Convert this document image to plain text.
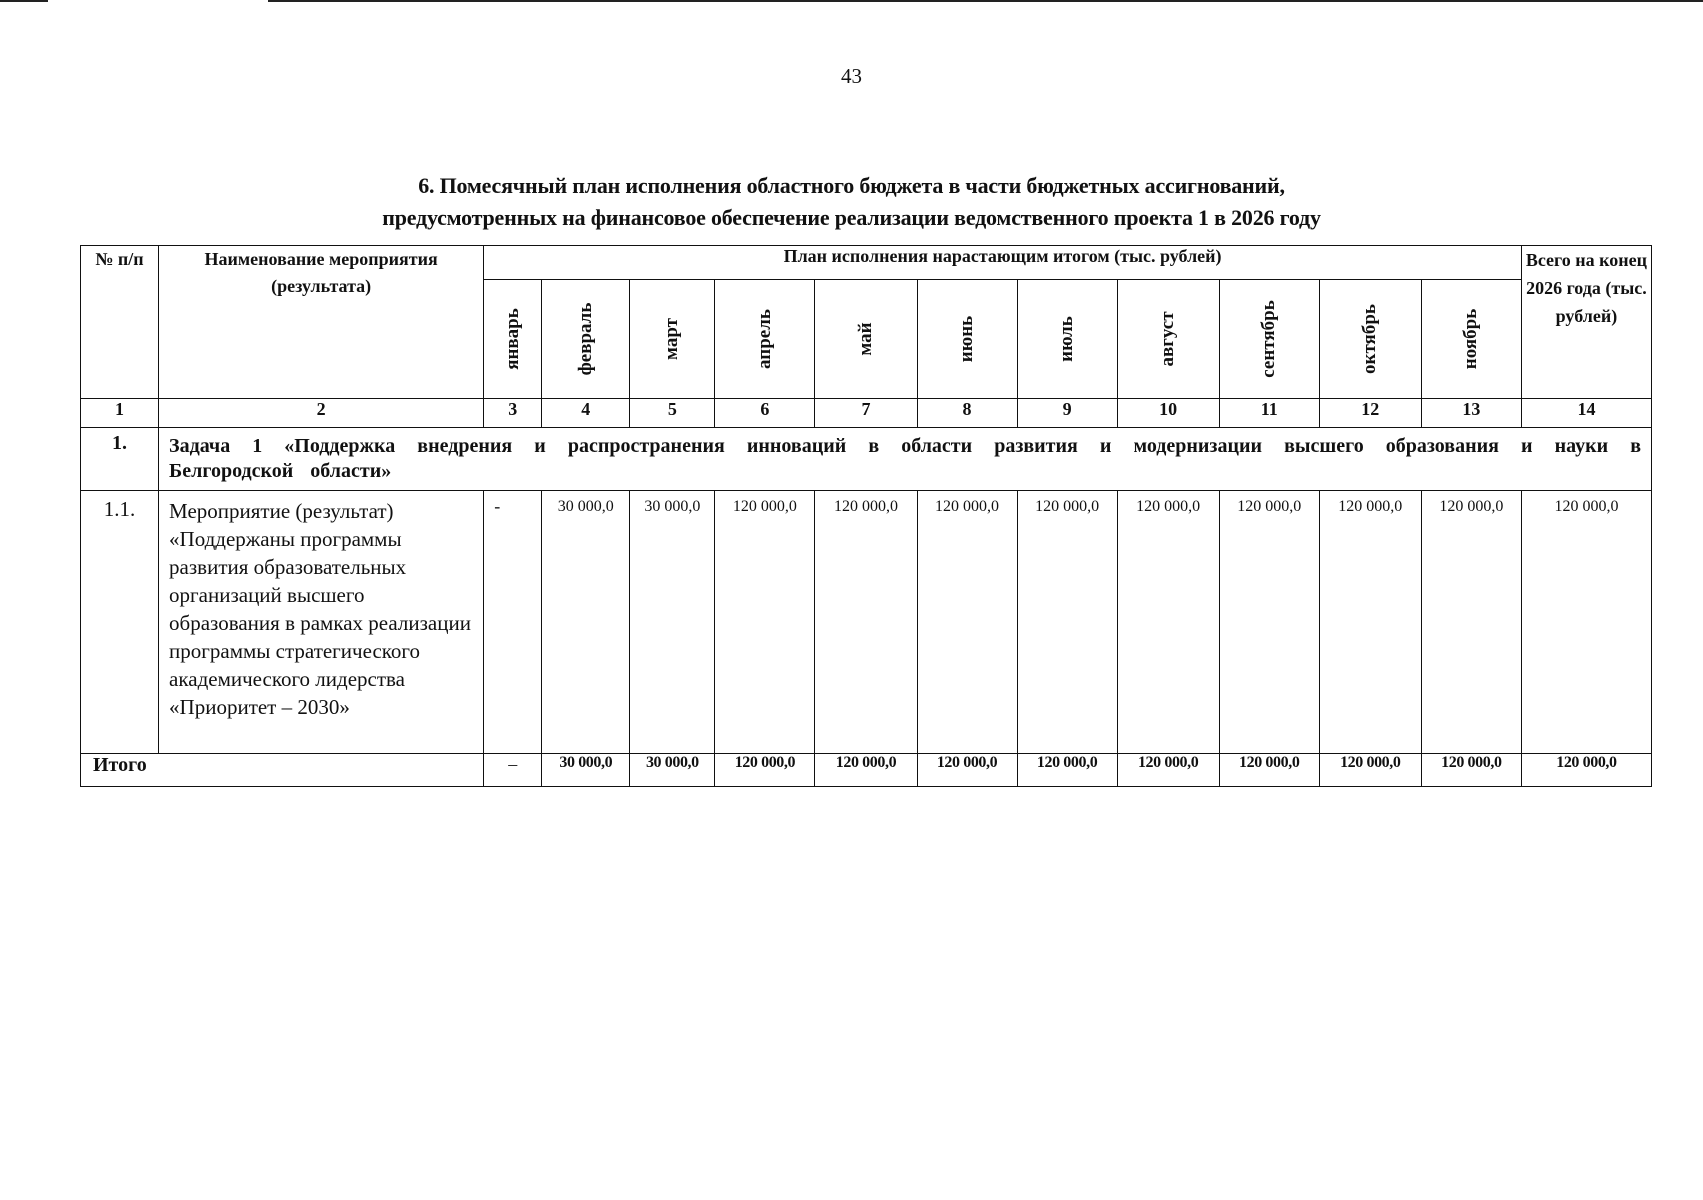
43
6. Помесячный план исполнения областного бюджета в части бюджетных ассигнований,
предусмотренных на финансовое обеспечение реализации ведомственного проекта 1 в 2026 году
№ п/п	Наименование мероприятия (результата)	План исполнения нарастающим итогом (тыс. рублей)											Всего на конец 2026 года (тыс. рублей)

		январь	февраль	март	апрель	май	июнь	июль	август	сентябрь	октябрь	ноябрь	

1	2	3	4	5	6	7	8	9	10	11	12	13	14
1.	Задача 1 «Поддержка внедрения и распространения инноваций в области развития и модернизации высшего образования и науки в Белгородской области»												
1.1.	Мероприятие (результат) «Поддержаны программы развития образовательных организаций высшего образования в рамках реализации программы стратегического академического лидерства «Приоритет – 2030»	-	30 000,0	30 000,0	120 000,0	120 000,0	120 000,0	120 000,0	120 000,0	120 000,0	120 000,0	120 000,0	120 000,0
Итого		–	30 000,0	30 000,0	120 000,0	120 000,0	120 000,0	120 000,0	120 000,0	120 000,0	120 000,0	120 000,0	120 000,0
